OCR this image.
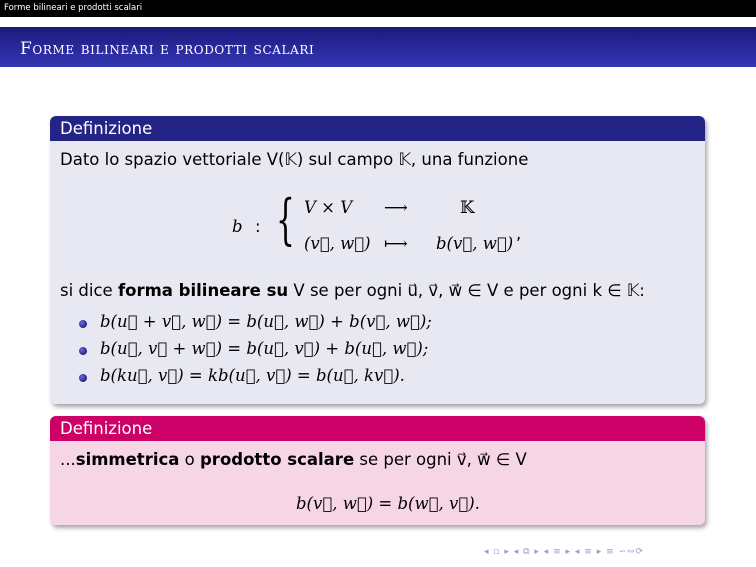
Forme bilineari e prodotti scalari
Forme bilineari e prodotti scalari
Definizione
Dato lo spazio vettoriale V(𝕂) sul campo 𝕂, una funzione
b : { V × V ⟶	𝕂
(v⃗, w⃗) ⟼ b(v⃗, w⃗)
,
si dice forma bilineare su V se per ogni u⃗, v⃗, w⃗ ∈ V e per ogni k ∈ 𝕂:
b(u⃗ + v⃗, w⃗) = b(u⃗, w⃗) + b(v⃗, w⃗);
b(u⃗, v⃗ + w⃗) = b(u⃗, v⃗) + b(u⃗, w⃗);
b(ku⃗, v⃗) = kb(u⃗, v⃗) = b(u⃗, kv⃗).
Definizione
...simmetrica o prodotto scalare se per ogni v⃗, w⃗ ∈ V
b(v⃗, w⃗) = b(w⃗, v⃗).
◂ ▫ ▸ ◂ ⧉ ▸ ◂ ≡ ▸ ◂ ≡ ▸ ≡ ∽∾⟳
